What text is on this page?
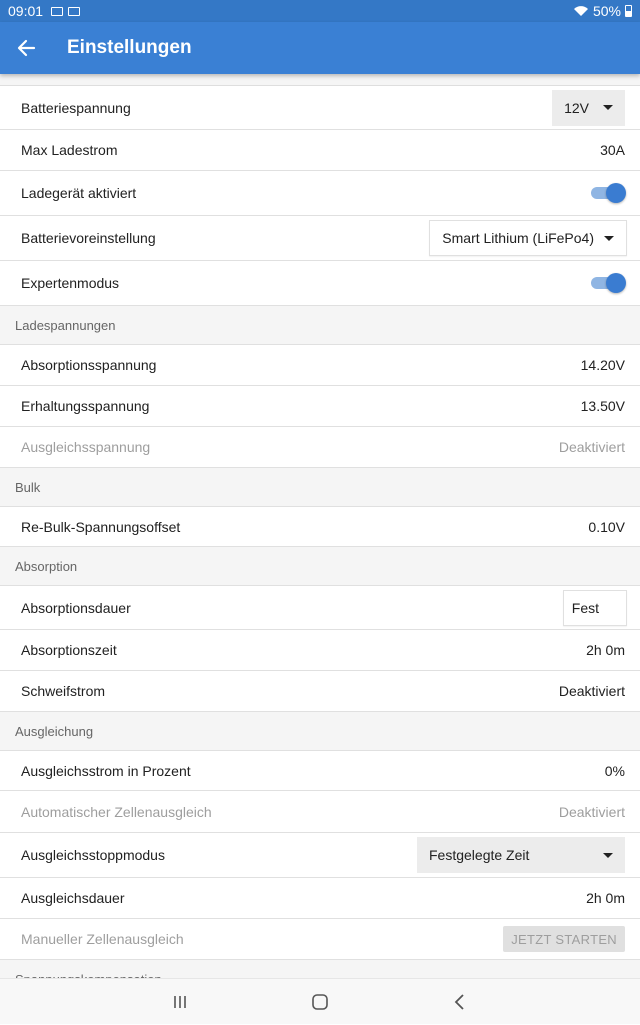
09:01	50%
Einstellungen
Batteriespannung	12V
Max Ladestrom	30A
Ladegerät aktiviert
Batterievoreinstellung	Smart Lithium (LiFePo4)
Expertenmodus
Ladespannungen
Absorptionsspannung	14.20V
Erhaltungsspannung	13.50V
Ausgleichsspannung	Deaktiviert
Bulk
Re-Bulk-Spannungsoffset	0.10V
Absorption
Absorptionsdauer	Fest
Absorptionszeit	2h 0m
Schweifstrom	Deaktiviert
Ausgleichung
Ausgleichsstrom in Prozent	0%
Automatischer Zellenausgleich	Deaktiviert
Ausgleichsstoppmodus	Festgelegte Zeit
Ausgleichsdauer	2h 0m
Manueller Zellenausgleich	JETZT STARTEN
